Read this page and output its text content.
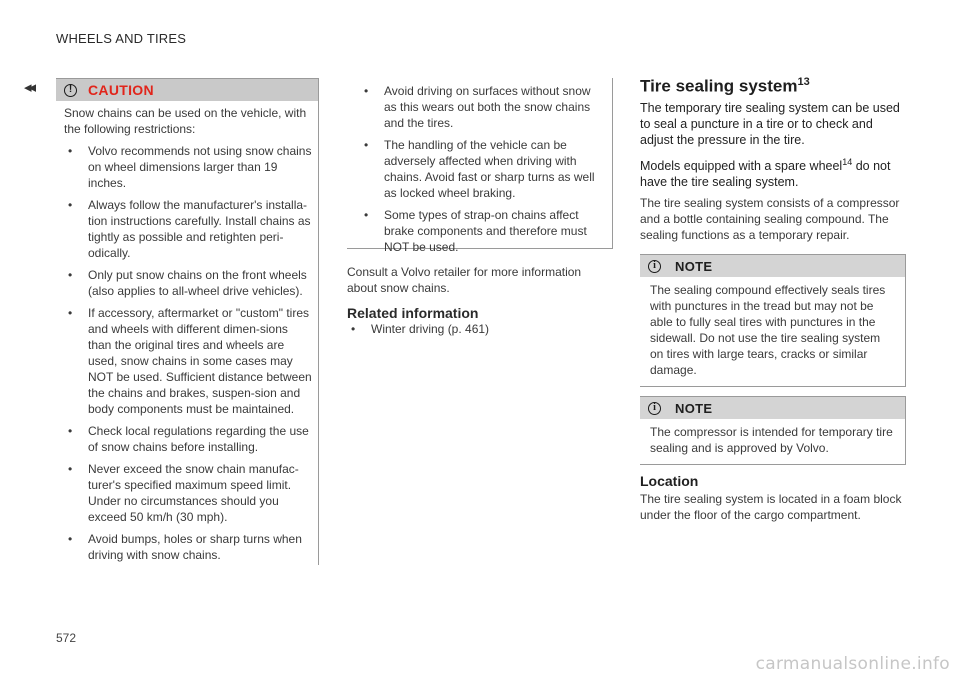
WHEELS AND TIRES
◂◂	!	CAUTION

Snow chains can be used on the vehicle, with the following restrictions:

• Volvo recommends not using snow chains on wheel dimensions larger than 19 inches.
• Always follow the manufacturer's installa-tion instructions carefully. Install chains as tightly as possible and retighten peri-odically.
• Only put snow chains on the front wheels (also applies to all-wheel drive vehicles).
• If accessory, aftermarket or "custom" tires and wheels with different dimen-sions than the original tires and wheels are used, snow chains in some cases may NOT be used. Sufficient distance between the chains and brakes, suspen-sion and body components must be maintained.
• Check local regulations regarding the use of snow chains before installing.
• Never exceed the snow chain manufac-turer's specified maximum speed limit. Under no circumstances should you exceed 50 km/h (30 mph).
• Avoid bumps, holes or sharp turns when driving with snow chains.
• Avoid driving on surfaces without snow as this wears out both the snow chains and the tires.
• The handling of the vehicle can be adversely affected when driving with chains. Avoid fast or sharp turns as well as locked wheel braking.
• Some types of strap-on chains affect brake components and therefore must NOT be used.

Consult a Volvo retailer for more information about snow chains.

Related information
• Winter driving (p. 461)
Tire sealing system$^{13}$

The temporary tire sealing system can be used to seal a puncture in a tire or to check and adjust the pressure in the tire.

Models equipped with a spare wheel$^{14}$ do not have the tire sealing system.

The tire sealing system consists of a compressor and a bottle containing sealing compound. The sealing functions as a temporary repair.

i	NOTE

The sealing compound effectively seals tires with punctures in the tread but may not be able to fully seal tires with punctures in the sidewall. Do not use the tire sealing system on tires with large tears, cracks or similar damage.

i	NOTE

The compressor is intended for temporary tire sealing and is approved by Volvo.

Location

The tire sealing system is located in a foam block under the floor of the cargo compartment.

572
carmanualsonline.info
